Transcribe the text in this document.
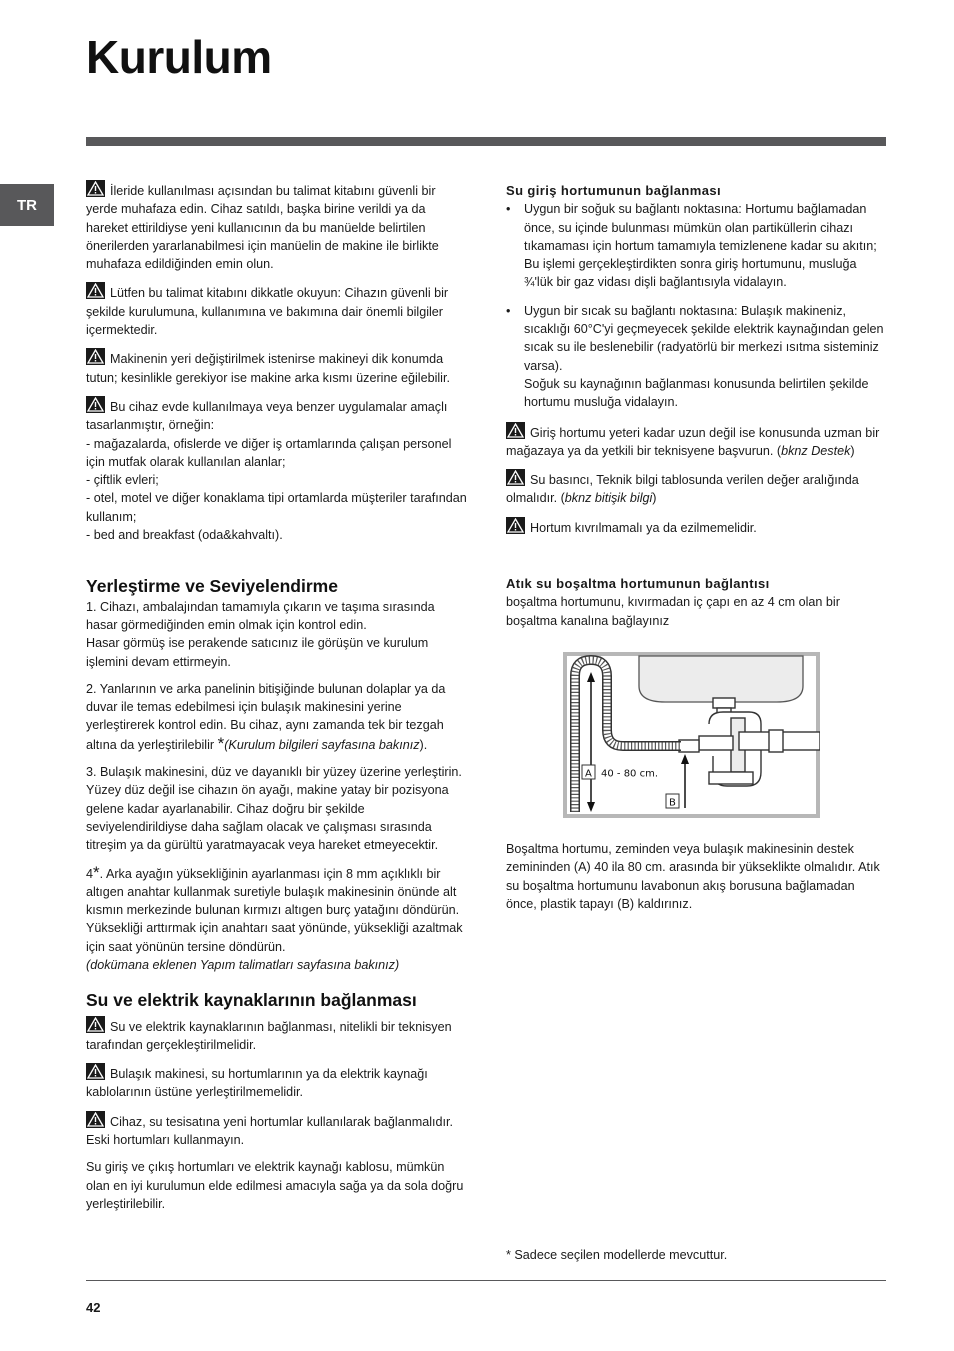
Kurulum
TR

İleride kullanılması açısından bu talimat kitabını güvenli bir yerde muhafaza edin. Cihaz satıldı, başka birine verildi ya da hareket ettirildiyse yeni kullanıcının da bu manüelde belirtilen önerilerden yararlanabilmesi için manüelin de makine ile birlikte muhafaza edildiğinden emin olun.

Lütfen bu talimat kitabını dikkatle okuyun: Cihazın güvenli bir şekilde kurulumuna, kullanımına ve bakımına dair önemli bilgiler içermektedir.

Makinenin yeri değiştirilmek istenirse makineyi dik konumda tutun; kesinlikle gerekiyor ise makine arka kısmı üzerine eğilebilir.

Bu cihaz evde kullanılmaya veya benzer uygulamalar amaçlı tasarlanmıştır, örneğin:

- mağazalarda, ofislerde ve diğer iş ortamlarında çalışan personel için mutfak olarak kullanılan alanlar;

- çiftlik evleri;

- otel, motel ve diğer konaklama tipi ortamlarda müşteriler tarafından kullanım;

- bed and breakfast (oda&kahvaltı).

Yerleştirme ve Seviyelendirme

1. Cihazı, ambalajından tamamıyla çıkarın ve taşıma sırasında hasar görmediğinden emin olmak için kontrol edin.

Hasar görmüş ise perakende satıcınız ile görüşün ve kurulum işlemini devam ettirmeyin.

2. Yanlarının ve arka panelinin bitişiğinde bulunan dolaplar ya da duvar ile temas edebilmesi için bulaşık makinesini yerine yerleştirerek kontrol edin. Bu cihaz, aynı zamanda tek bir tezgah altına da yerleştirilebilir *(Kurulum bilgileri sayfasına bakınız).

3. Bulaşık makinesini, düz ve dayanıklı bir yüzey üzerine yerleştirin. Yüzey düz değil ise cihazın ön ayağı, makine yatay bir pozisyona gelene kadar ayarlanabilir. Cihaz doğru bir şekilde seviyelendirildiyse daha sağlam olacak ve çalışması sırasında titreşim ya da gürültü yaratmayacak veya hareket etmeyecektir.

4*. Arka ayağın yüksekliğinin ayarlanması için 8 mm açıklıklı bir altıgen anahtar kullanmak suretiyle bulaşık makinesinin önünde alt kısmın merkezinde bulunan kırmızı altıgen burç yatağını döndürün. Yüksekliği arttırmak için anahtarı saat yönünde, yüksekliği azaltmak için saat yönünün tersine döndürün.

(dokümana eklenen Yapım talimatları sayfasına bakınız)

Su ve elektrik kaynaklarının bağlanması

Su ve elektrik kaynaklarının bağlanması, nitelikli bir teknisyen tarafından gerçekleştirilmelidir.

Bulaşık makinesi, su hortumlarının ya da elektrik kaynağı kablolarının üstüne yerleştirilmemelidir.

Cihaz, su tesisatına yeni hortumlar kullanılarak bağlanmalıdır.

Eski hortumları kullanmayın.

Su giriş ve çıkış hortumları ve elektrik kaynağı kablosu, mümkün olan en iyi kurulumun elde edilmesi amacıyla sağa ya da sola doğru yerleştirilebilir.

Su giriş hortumunun bağlanması
• Uygun bir soğuk su bağlantı noktasına: Hortumu bağlamadan önce, su içinde bulunması mümkün olan partiküllerin cihazı tıkamaması için hortum tamamıyla temizlenene kadar su akıtın; Bu işlemi gerçekleştirdikten sonra giriş hortumunu, musluğa ¾'lük bir gaz vidası dişli bağlantısıyla vidalayın.

• Uygun bir sıcak su bağlantı noktasına: Bulaşık makineniz, sıcaklığı 60°C'yi geçmeyecek şekilde elektrik kaynağından gelen sıcak su ile beslenebilir (radyatörlü bir merkezi ısıtma sisteminiz varsa).

Soğuk su kaynağının bağlanması konusunda belirtilen şekilde hortumu musluğa vidalayın.

Giriş hortumu yeteri kadar uzun değil ise konusunda uzman bir mağazaya ya da yetkili bir teknisyene başvurun. (bknz Destek)

Su basıncı, Teknik bilgi tablosunda verilen değer aralığında olmalıdır. (bknz bitişik bilgi)

Hortum kıvrılmamalı ya da ezilmemelidir.

Atık su boşaltma hortumunun bağlantısı

boşaltma hortumunu, kıvırmadan iç çapı en az 4 cm olan bir boşaltma kanalına bağlayınız

A 40 - 80 cm.
B

Boşaltma hortumu, zeminden veya bulaşık makinesinin destek zemininden (A) 40 ila 80 cm. arasında bir yükseklikte olmalıdır. Atık su boşaltma hortumunu lavabonun akış borusuna bağlamadan önce, plastik tapayı (B) kaldırınız.

* Sadece seçilen modellerde mevcuttur.
42
